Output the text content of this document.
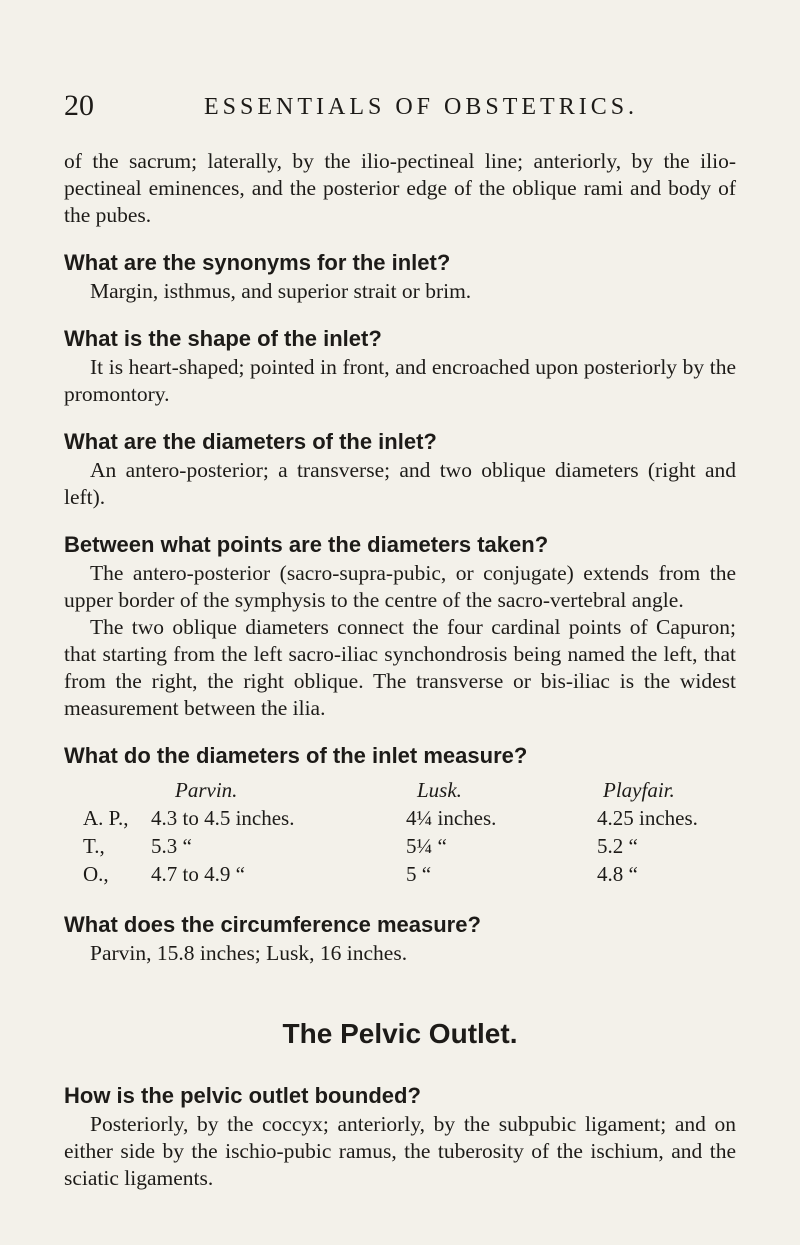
20	ESSENTIALS OF OBSTETRICS.

of the sacrum; laterally, by the ilio-pectineal line; anteriorly, by the ilio-pectineal eminences, and the posterior edge of the oblique rami and body of the pubes.

What are the synonyms for the inlet?

Margin, isthmus, and superior strait or brim.

What is the shape of the inlet?

It is heart-shaped; pointed in front, and encroached upon posteriorly by the promontory.

What are the diameters of the inlet?

An antero-posterior; a transverse; and two oblique diameters (right and left).

Between what points are the diameters taken?

The antero-posterior (sacro-supra-pubic, or conjugate) extends from the upper border of the symphysis to the centre of the sacro-vertebral angle.

The two oblique diameters connect the four cardinal points of Capuron; that starting from the left sacro-iliac synchondrosis being named the left, that from the right, the right oblique. The transverse or bis-iliac is the widest measurement between the ilia.

What do the diameters of the inlet measure?
Parvin.	Lusk.	Playfair.
A. P., 4.3 to 4.5 inches.	4¼ inches.	4.25 inches.
T., 5.3 “	5¼ “	5.2 “
O., 4.7 to 4.9 “	5 “	4.8 “
What does the circumference measure?

Parvin, 15.8 inches; Lusk, 16 inches.

The Pelvic Outlet.
How is the pelvic outlet bounded?

Posteriorly, by the coccyx; anteriorly, by the subpubic ligament; and on either side by the ischio-pubic ramus, the tuberosity of the ischium, and the sciatic ligaments.
